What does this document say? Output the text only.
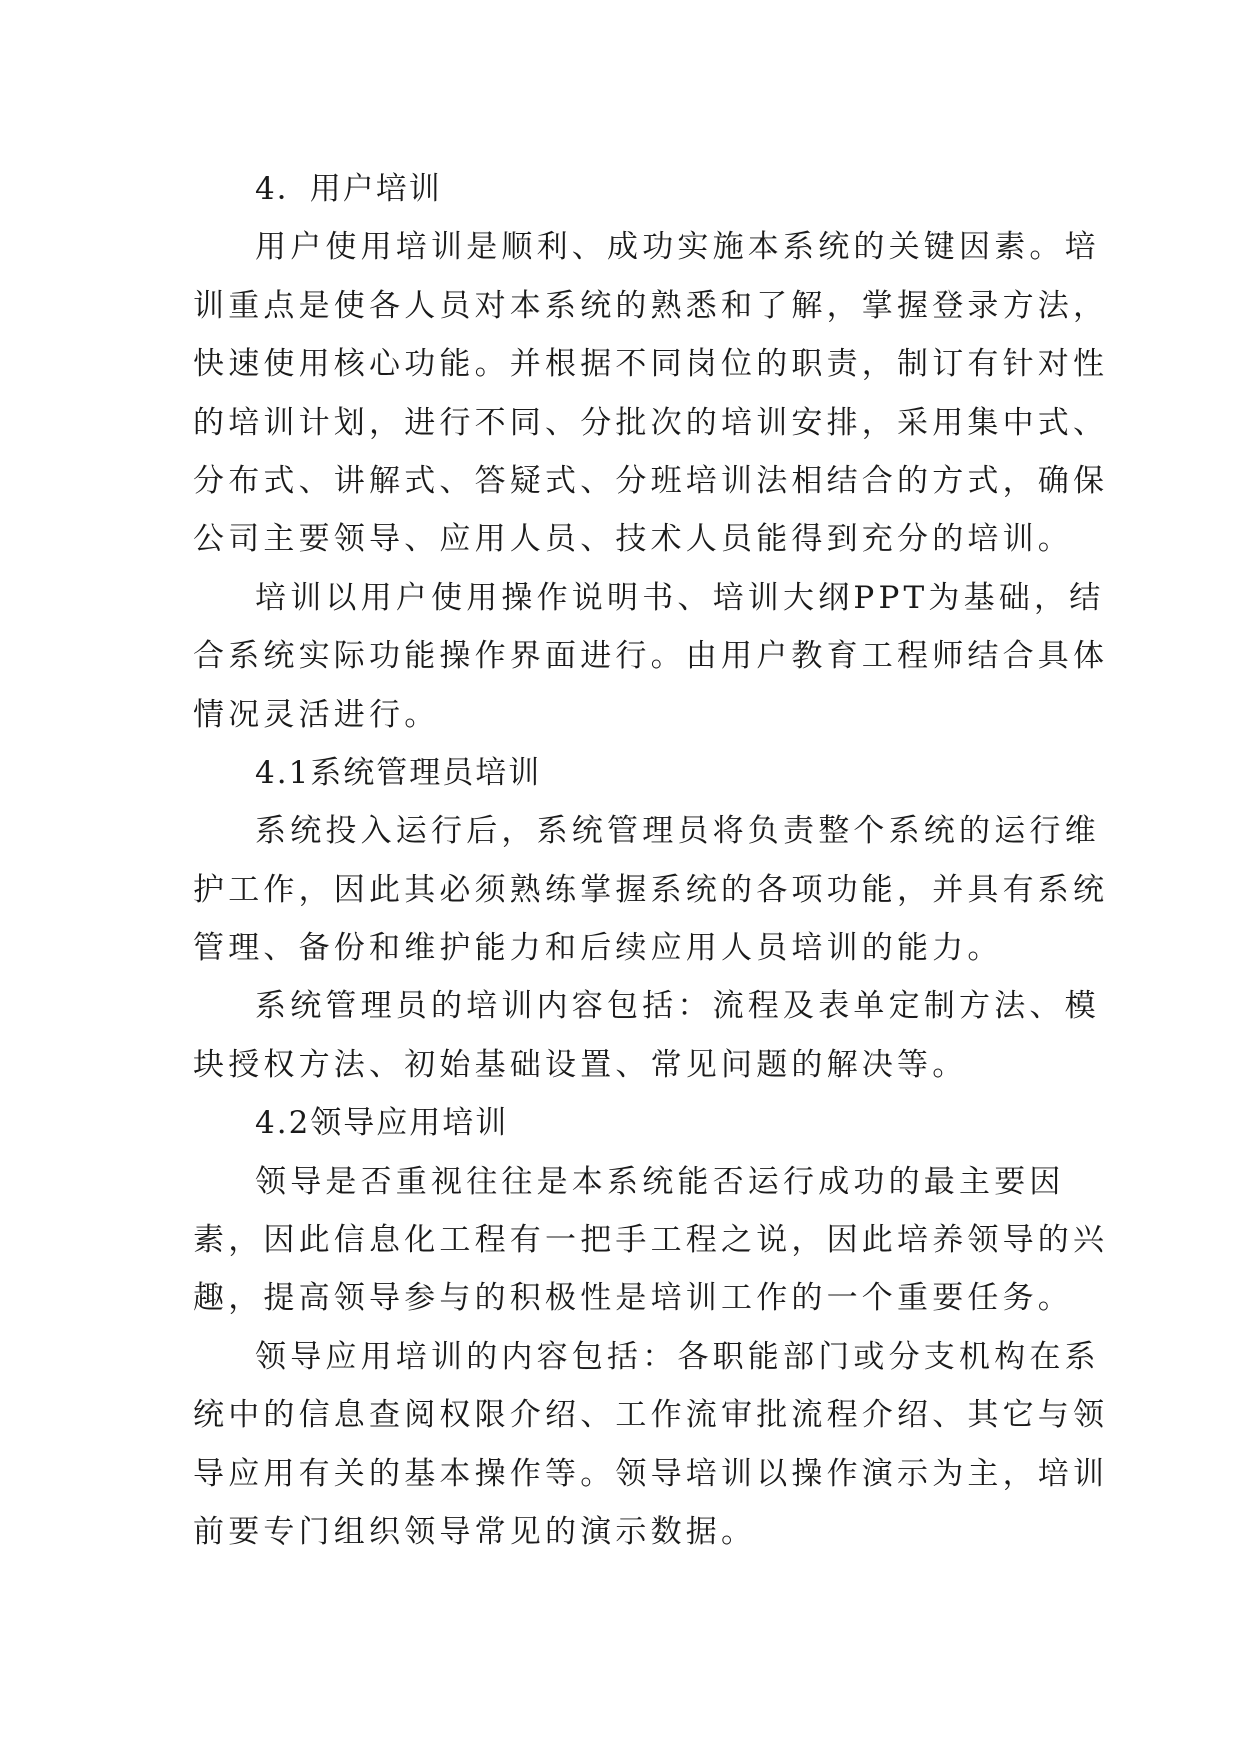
4．用户培训
用户使用培训是顺利、成功实施本系统的关键因素。培
训重点是使各人员对本系统的熟悉和了解，掌握登录方法，
快速使用核心功能。并根据不同岗位的职责，制订有针对性
的培训计划，进行不同、分批次的培训安排，采用集中式、
分布式、讲解式、答疑式、分班培训法相结合的方式，确保
公司主要领导、应用人员、技术人员能得到充分的培训。
培训以用户使用操作说明书、培训大纲PPT为基础，结
合系统实际功能操作界面进行。由用户教育工程师结合具体
情况灵活进行。
4.1系统管理员培训
系统投入运行后，系统管理员将负责整个系统的运行维
护工作，因此其必须熟练掌握系统的各项功能，并具有系统
管理、备份和维护能力和后续应用人员培训的能力。
系统管理员的培训内容包括：流程及表单定制方法、模
块授权方法、初始基础设置、常见问题的解决等。
4.2领导应用培训
领导是否重视往往是本系统能否运行成功的最主要因
素，因此信息化工程有一把手工程之说，因此培养领导的兴
趣，提高领导参与的积极性是培训工作的一个重要任务。
领导应用培训的内容包括：各职能部门或分支机构在系
统中的信息查阅权限介绍、工作流审批流程介绍、其它与领
导应用有关的基本操作等。领导培训以操作演示为主，培训
前要专门组织领导常见的演示数据。
